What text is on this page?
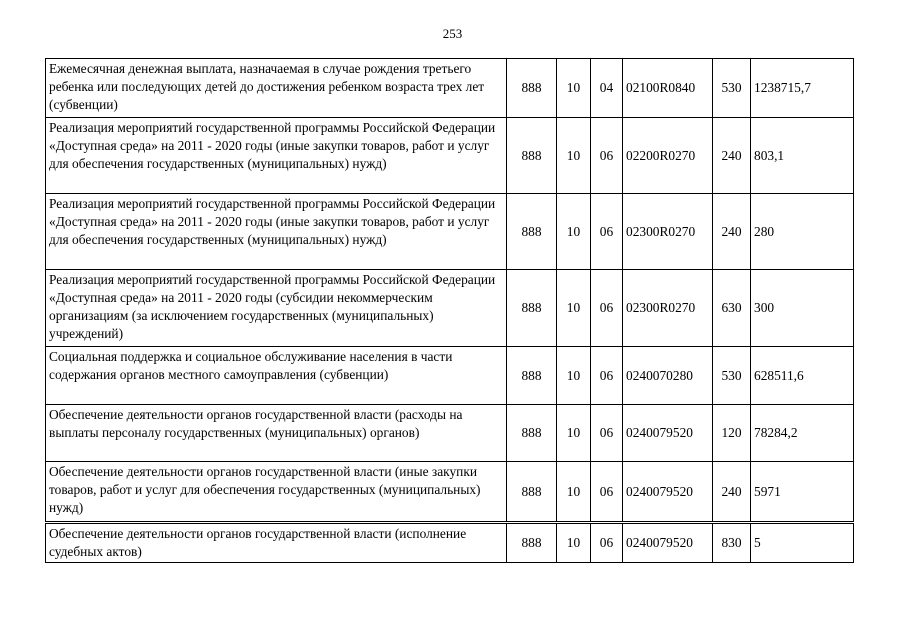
253
Ежемесячная денежная выплата, назначаемая в случае рождения третьего ребенка или последующих детей до достижения ребенком возраста трех лет (субвенции)	888	10	04	02100R0840	530	1238715,7
Реализация мероприятий государственной программы Российской Федерации «Доступная среда» на 2011 - 2020 годы (иные закупки товаров, работ и услуг для обеспечения государственных (муниципальных) нужд)	888	10	06	02200R0270	240	803,1
Реализация мероприятий государственной программы Российской Федерации «Доступная среда» на 2011 - 2020 годы (иные закупки товаров, работ и услуг для обеспечения государственных (муниципальных) нужд)	888	10	06	02300R0270	240	280
Реализация мероприятий государственной программы Российской Федерации «Доступная среда» на 2011 - 2020 годы (субсидии некоммерческим организациям (за исключением государственных (муниципальных) учреждений)	888	10	06	02300R0270	630	300
Социальная поддержка и социальное обслуживание населения в части содержания органов местного самоуправления (субвенции)	888	10	06	0240070280	530	628511,6
Обеспечение деятельности органов государственной власти (расходы на выплаты персоналу государственных (муниципальных) органов)	888	10	06	0240079520	120	78284,2
Обеспечение деятельности органов государственной власти (иные закупки товаров, работ и услуг для обеспечения государственных (муниципальных) нужд)	888	10	06	0240079520	240	5971
Обеспечение деятельности органов государственной власти (исполнение судебных актов)	888	10	06	0240079520	830	5
